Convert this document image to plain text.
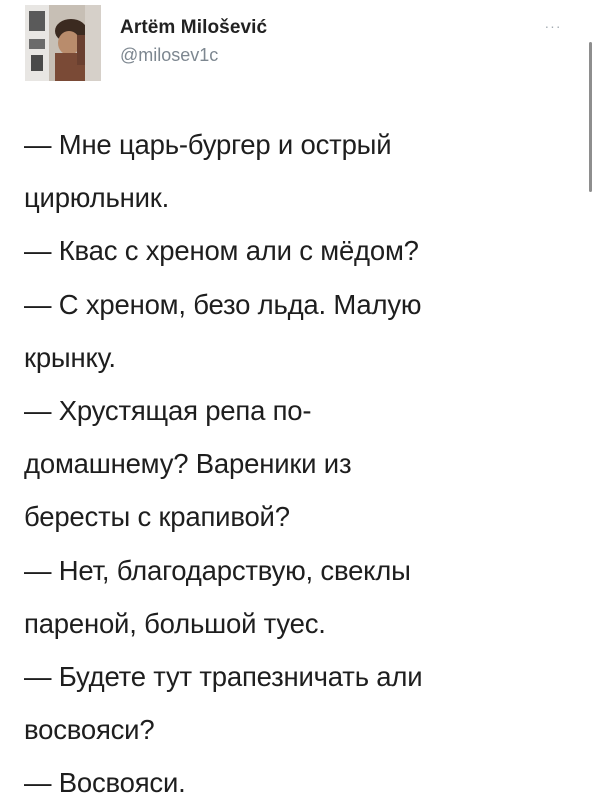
Artëm Milošević
@milosev1c
···
— Мне царь-бургер и острый
цирюльник.
— Квас с хреном али с мёдом?
— С хреном, безо льда. Малую
крынку.
— Хрустящая репа по-
домашнему? Вареники из
бересты с крапивой?
— Нет, благодарствую, свеклы
пареной, большой туес.
— Будете тут трапезничать али
восвояси?
— Восвояси.
